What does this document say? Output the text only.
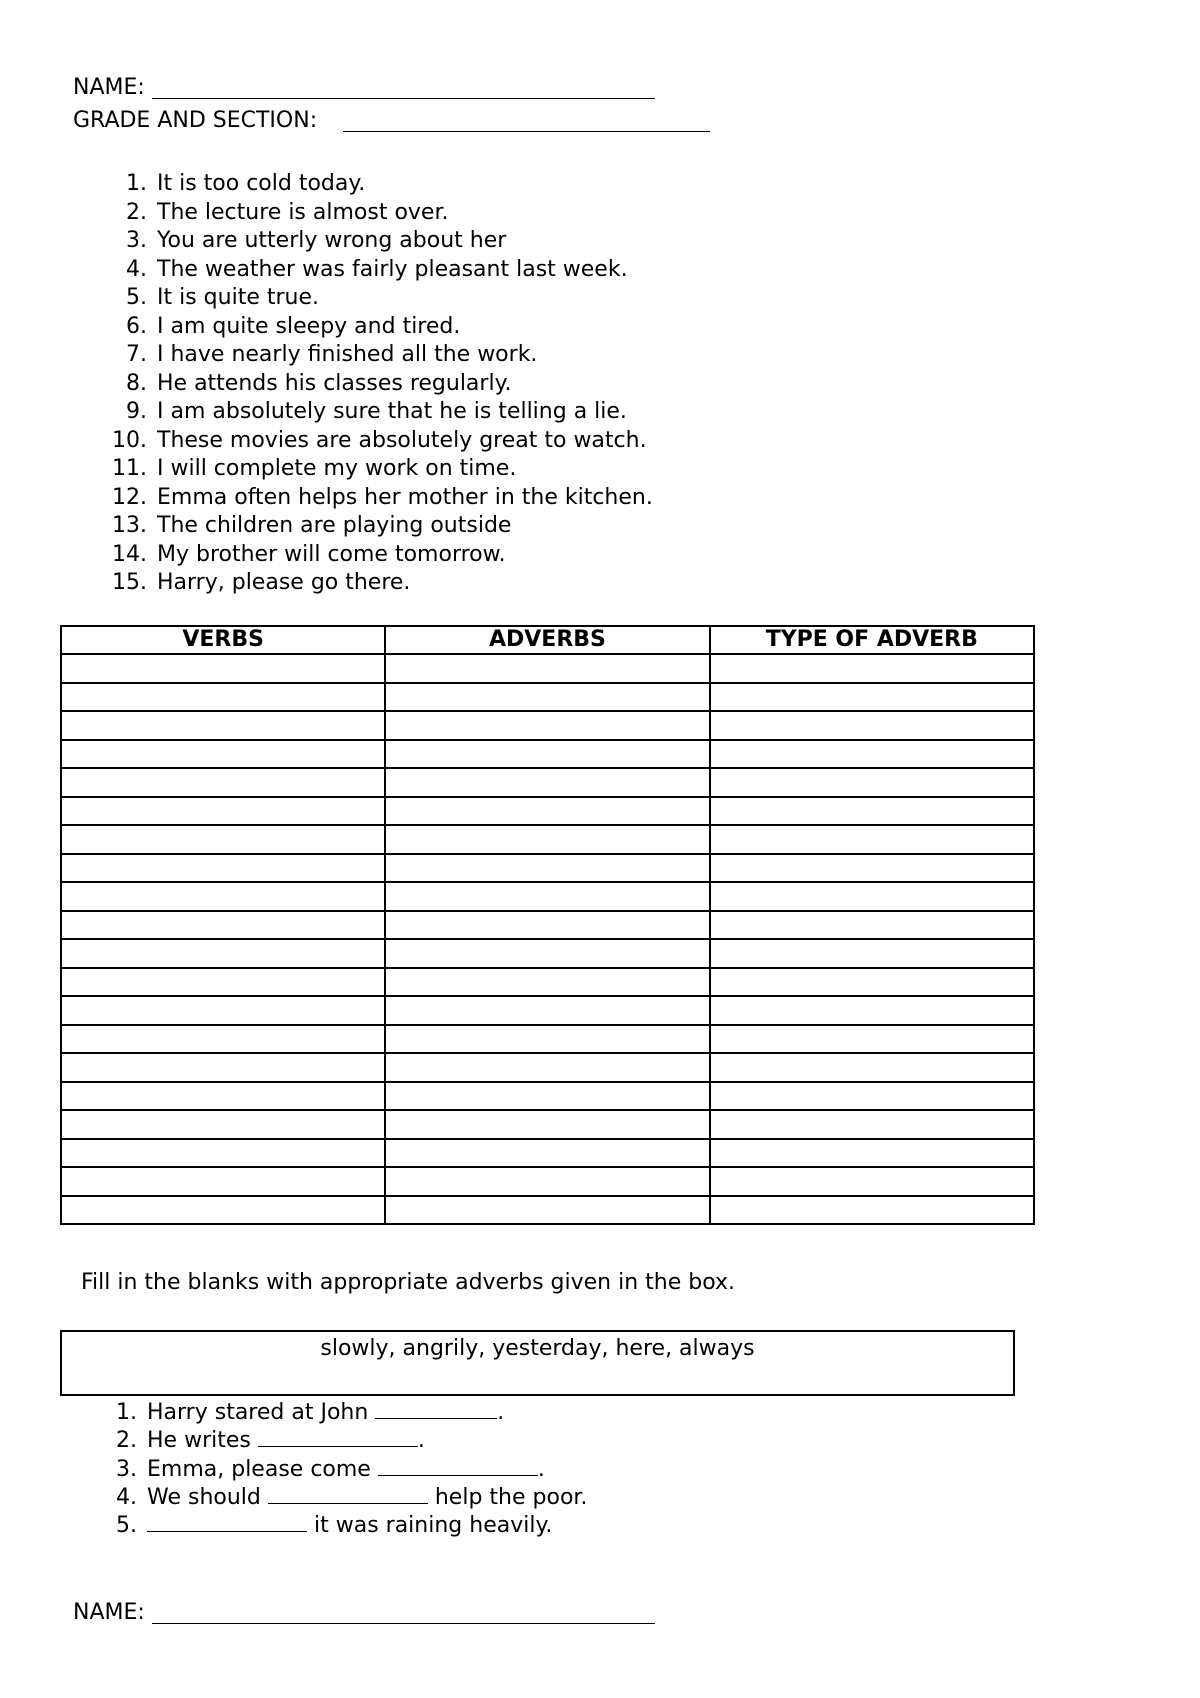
NAME:
GRADE AND SECTION:
1. It is too cold today.
2. The lecture is almost over.
3. You are utterly wrong about her
4. The weather was fairly pleasant last week.
5. It is quite true.
6. I am quite sleepy and tired.
7. I have nearly finished all the work.
8. He attends his classes regularly.
9. I am absolutely sure that he is telling a lie.
10. These movies are absolutely great to watch.
11. I will complete my work on time.
12. Emma often helps her mother in the kitchen.
13. The children are playing outside
14. My brother will come tomorrow.
15. Harry, please go there.
VERBS	ADVERBS	TYPE OF ADVERB

Fill in the blanks with appropriate adverbs given in the box.
slowly, angrily, yesterday, here, always
1. Harry stared at John	.
2. He writes	.
3. Emma, please come	.
4. We should	help the poor.
5.	it was raining heavily.
NAME:
